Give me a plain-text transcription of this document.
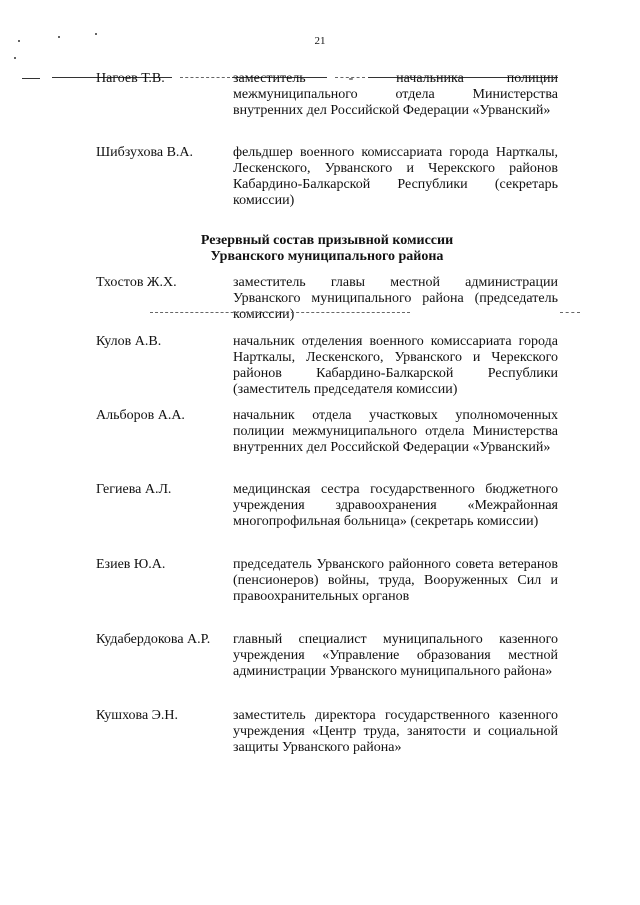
21
Нагоев Т.В.	заместитель - начальника полиции межмуниципального отдела Министерства внутренних дел Российской Федерации «Урванский»
Шибзухова В.А.	фельдшер военного комиссариата города Нарткалы, Лескенского, Урванского и Черекского районов Кабардино-Балкарской Республики (секретарь комиссии)
Резервный состав призывной комиссии
Урванского муниципального района
Тхостов Ж.Х.	заместитель главы местной администрации Урванского муниципального района (председатель комиссии)
Кулов А.В.	начальник отделения военного комиссариата города Нарткалы, Лескенского, Урванского и Черекского районов Кабардино-Балкарской Республики (заместитель председателя комиссии)
Альборов А.А.	начальник отдела участковых уполномоченных полиции межмуниципального отдела Министерства внутренних дел Российской Федерации «Урванский»
Гегиева А.Л.	медицинская сестра государственного бюджетного учреждения здравоохранения «Межрайонная многопрофильная больница» (секретарь комиссии)
Езиев Ю.А.	председатель Урванского районного совета ветеранов (пенсионеров) войны, труда, Вооруженных Сил и правоохранительных органов
Кудабердокова А.Р.	главный специалист муниципального казенного учреждения «Управление образования местной администрации Урванского муниципального района»
Кушхова Э.Н.	заместитель директора государственного казенного учреждения «Центр труда, занятости и социальной защиты Урванского района»
